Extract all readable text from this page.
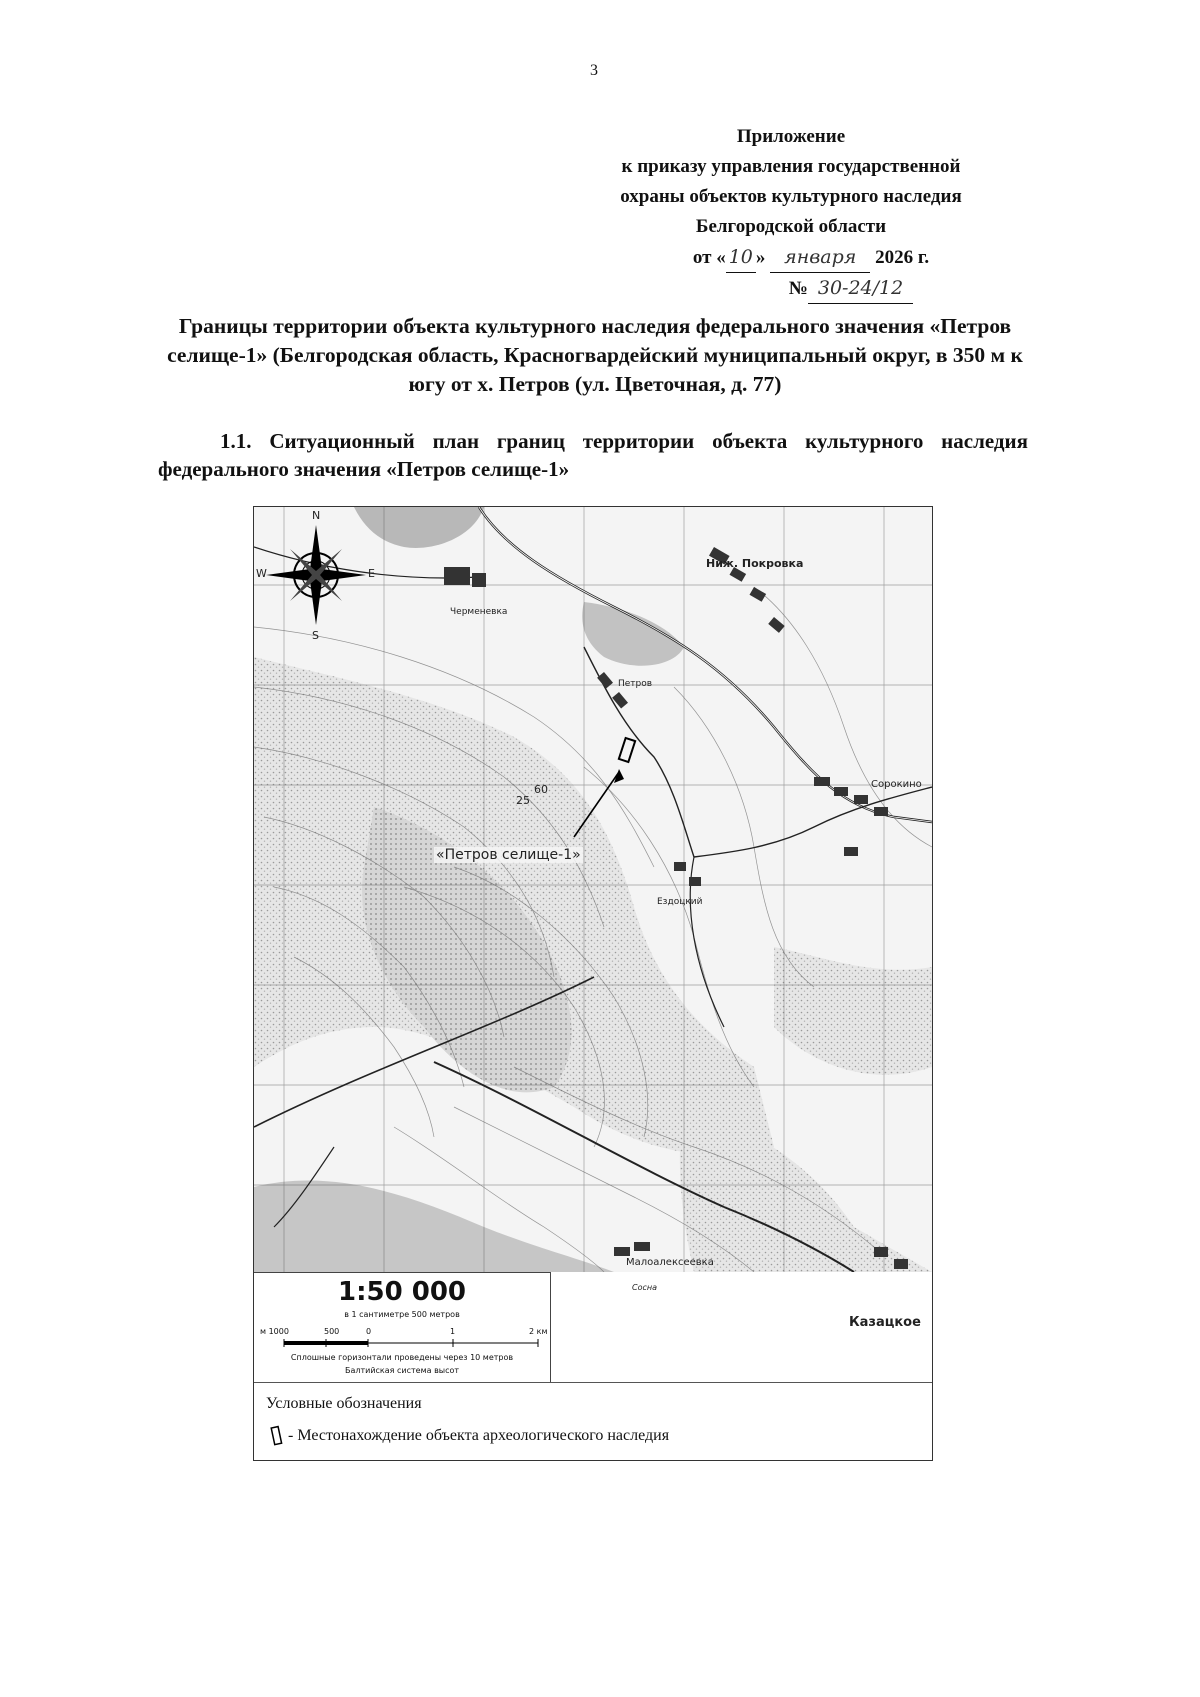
3
Приложение
к приказу управления государственной
охраны объектов культурного наследия
Белгородской области
от « 10 » января 2026 г.
№ 30-24/12
Границы территории объекта культурного наследия федерального значения «Петров селище-1» (Белгородская область, Красногвардейский муниципальный округ, в 350 м к югу от х. Петров (ул. Цветочная, д. 77)
1.1. Ситуационный план границ территории объекта культурного наследия федерального значения «Петров селище-1»
N
S
W	E
Ниж. Покровка
Черменевка
Петров
Сорокино
Ездоцкий
Малоалексеевка
Казацкое
Сосна
25
60
«Петров селище-1»
1:50 000
в 1 сантиметре 500 метров
м 1000	500	0	1	2 км
Сплошные горизонтали проведены через 10 метров
Балтийская система высот
Условные обозначения
- Местонахождение объекта археологического наследия
